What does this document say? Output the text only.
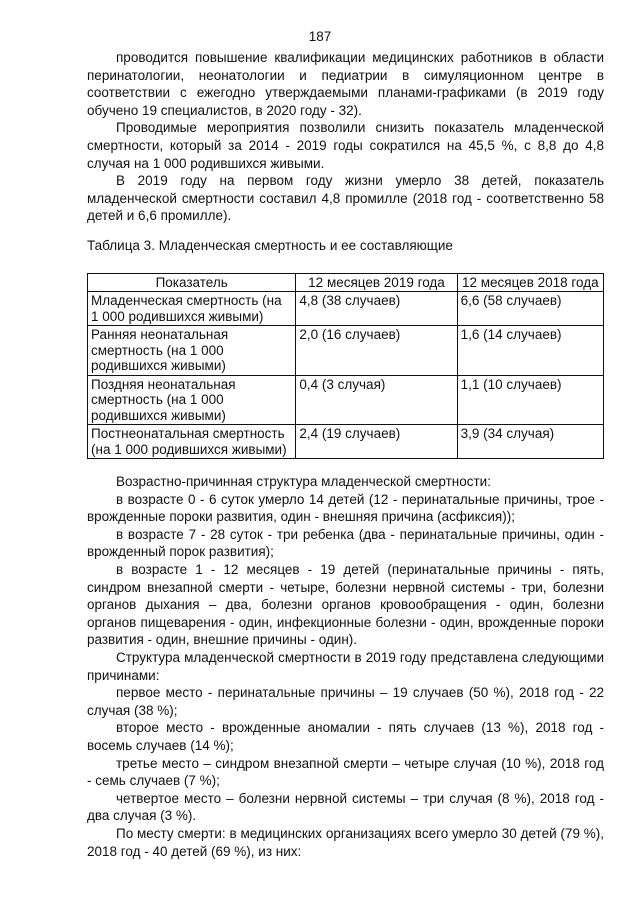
187

проводится повышение квалификации медицинских работников в области перинатологии, неонатологии и педиатрии в симуляционном центре в соответствии с ежегодно утверждаемыми планами-графиками (в 2019 году обучено 19 специалистов, в 2020 году - 32).

Проводимые мероприятия позволили снизить показатель младенческой смертности, который за 2014 - 2019 годы сократился на 45,5 %, с 8,8 до 4,8 случая на 1 000 родившихся живыми.

В 2019 году на первом году жизни умерло 38 детей, показатель младенческой смертности составил 4,8 промилле (2018 год - соответственно 58 детей и 6,6 промилле).

Таблица 3. Младенческая смертность и ее составляющие

Показатель	12 месяцев 2019 года	12 месяцев 2018 года
Младенческая смертность (на 1 000 родившихся живыми)	4,8 (38 случаев)	6,6 (58 случаев)
Ранняя неонатальная смертность (на 1 000 родившихся живыми)	2,0 (16 случаев)	1,6 (14 случаев)
Поздняя неонатальная смертность (на 1 000 родившихся живыми)	0,4 (3 случая)	1,1 (10 случаев)
Постнеонатальная смертность (на 1 000 родившихся живыми)	2,4 (19 случаев)	3,9 (34 случая)

Возрастно-причинная структура младенческой смертности:

в возрасте 0 - 6 суток умерло 14 детей (12 - перинатальные причины, трое - врожденные пороки развития, один - внешняя причина (асфиксия));

в возрасте 7 - 28 суток - три ребенка (два - перинатальные причины, один - врожденный порок развития);

в возрасте 1 - 12 месяцев - 19 детей (перинатальные причины - пять, синдром внезапной смерти - четыре, болезни нервной системы - три, болезни органов дыхания – два, болезни органов кровообращения - один, болезни органов пищеварения - один, инфекционные болезни - один, врожденные пороки развития - один, внешние причины - один).

Структура младенческой смертности в 2019 году представлена следующими причинами:

первое место - перинатальные причины – 19 случаев (50 %), 2018 год - 22 случая (38 %);

второе место - врожденные аномалии - пять случаев (13 %), 2018 год - восемь случаев (14 %);

третье место – синдром внезапной смерти – четыре случая (10 %), 2018 год - семь случаев (7 %);

четвертое место – болезни нервной системы – три случая (8 %), 2018 год - два случая (3 %).

По месту смерти: в медицинских организациях всего умерло 30 детей (79 %), 2018 год - 40 детей (69 %), из них:
